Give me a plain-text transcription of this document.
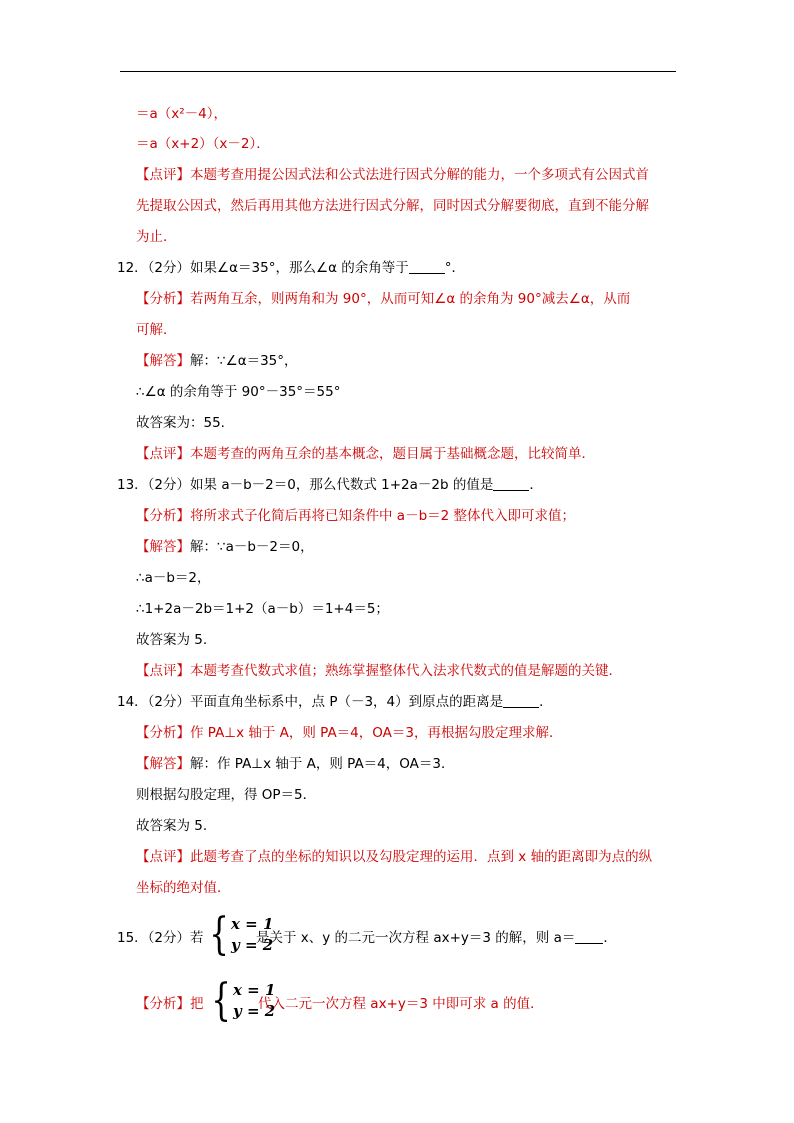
＝a（x²－4），
＝a（x+2）（x－2）．
【点评】本题考查用提公因式法和公式法进行因式分解的能力，一个多项式有公因式首
先提取公因式，然后再用其他方法进行因式分解，同时因式分解要彻底，直到不能分解
为止．
12．（2分）如果∠α＝35°，那么∠α 的余角等于	°．
【分析】若两角互余，则两角和为 90°，从而可知∠α 的余角为 90°减去∠α，从而
可解．
【解答】解：∵∠α＝35°，
∴∠α 的余角等于 90°－35°＝55°
故答案为：55.
【点评】本题考查的两角互余的基本概念，题目属于基础概念题，比较简单．
13．（2分）如果 a－b－2＝0，那么代数式 1+2a－2b 的值是	．
【分析】将所求式子化简后再将已知条件中 a－b＝2 整体代入即可求值；
【解答】解：∵a－b－2＝0，
∴a－b＝2，
∴1+2a－2b＝1+2（a－b）＝1+4＝5；
故答案为 5.
【点评】本题考查代数式求值；熟练掌握整体代入法求代数式的值是解题的关键．
14．（2分）平面直角坐标系中，点 P（－3，4）到原点的距离是	．
【分析】作 PA⊥x 轴于 A，则 PA＝4，OA＝3，再根据勾股定理求解．
【解答】解：作 PA⊥x 轴于 A，则 PA＝4，OA＝3．
则根据勾股定理，得 OP＝5．
故答案为 5.
【点评】此题考查了点的坐标的知识以及勾股定理的运用．点到 x 轴的距离即为点的纵
坐标的绝对值．
15．（2分）若 { x = 1
y = 2
是关于 x、y 的二元一次方程 ax+y＝3 的解，则 a＝ ．
【分析】把 { x = 1
y = 2
代入二元一次方程 ax+y＝3 中即可求 a 的值．
